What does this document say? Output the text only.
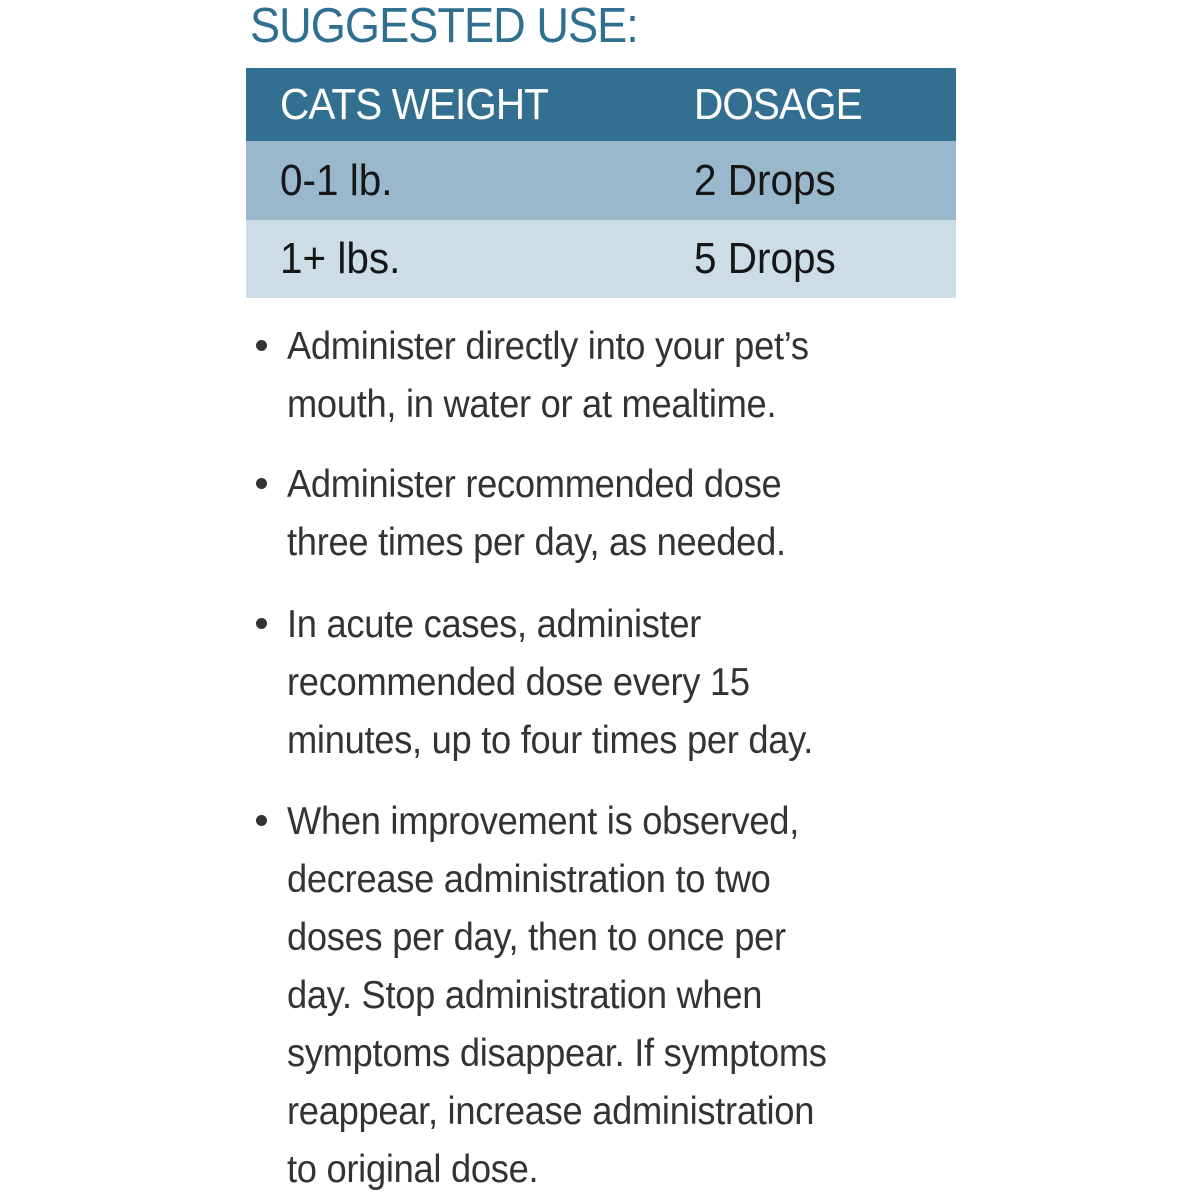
SUGGESTED USE:
CATS WEIGHT	DOSAGE
0-1 lb.	2 Drops
1+ lbs.	5 Drops
Administer directly into your pet’s
mouth, in water or at mealtime.
Administer recommended dose
three times per day, as needed.
In acute cases, administer
recommended dose every 15
minutes, up to four times per day.
When improvement is observed,
decrease administration to two
doses per day, then to once per
day. Stop administration when
symptoms disappear. If symptoms
reappear, increase administration
to original dose.
